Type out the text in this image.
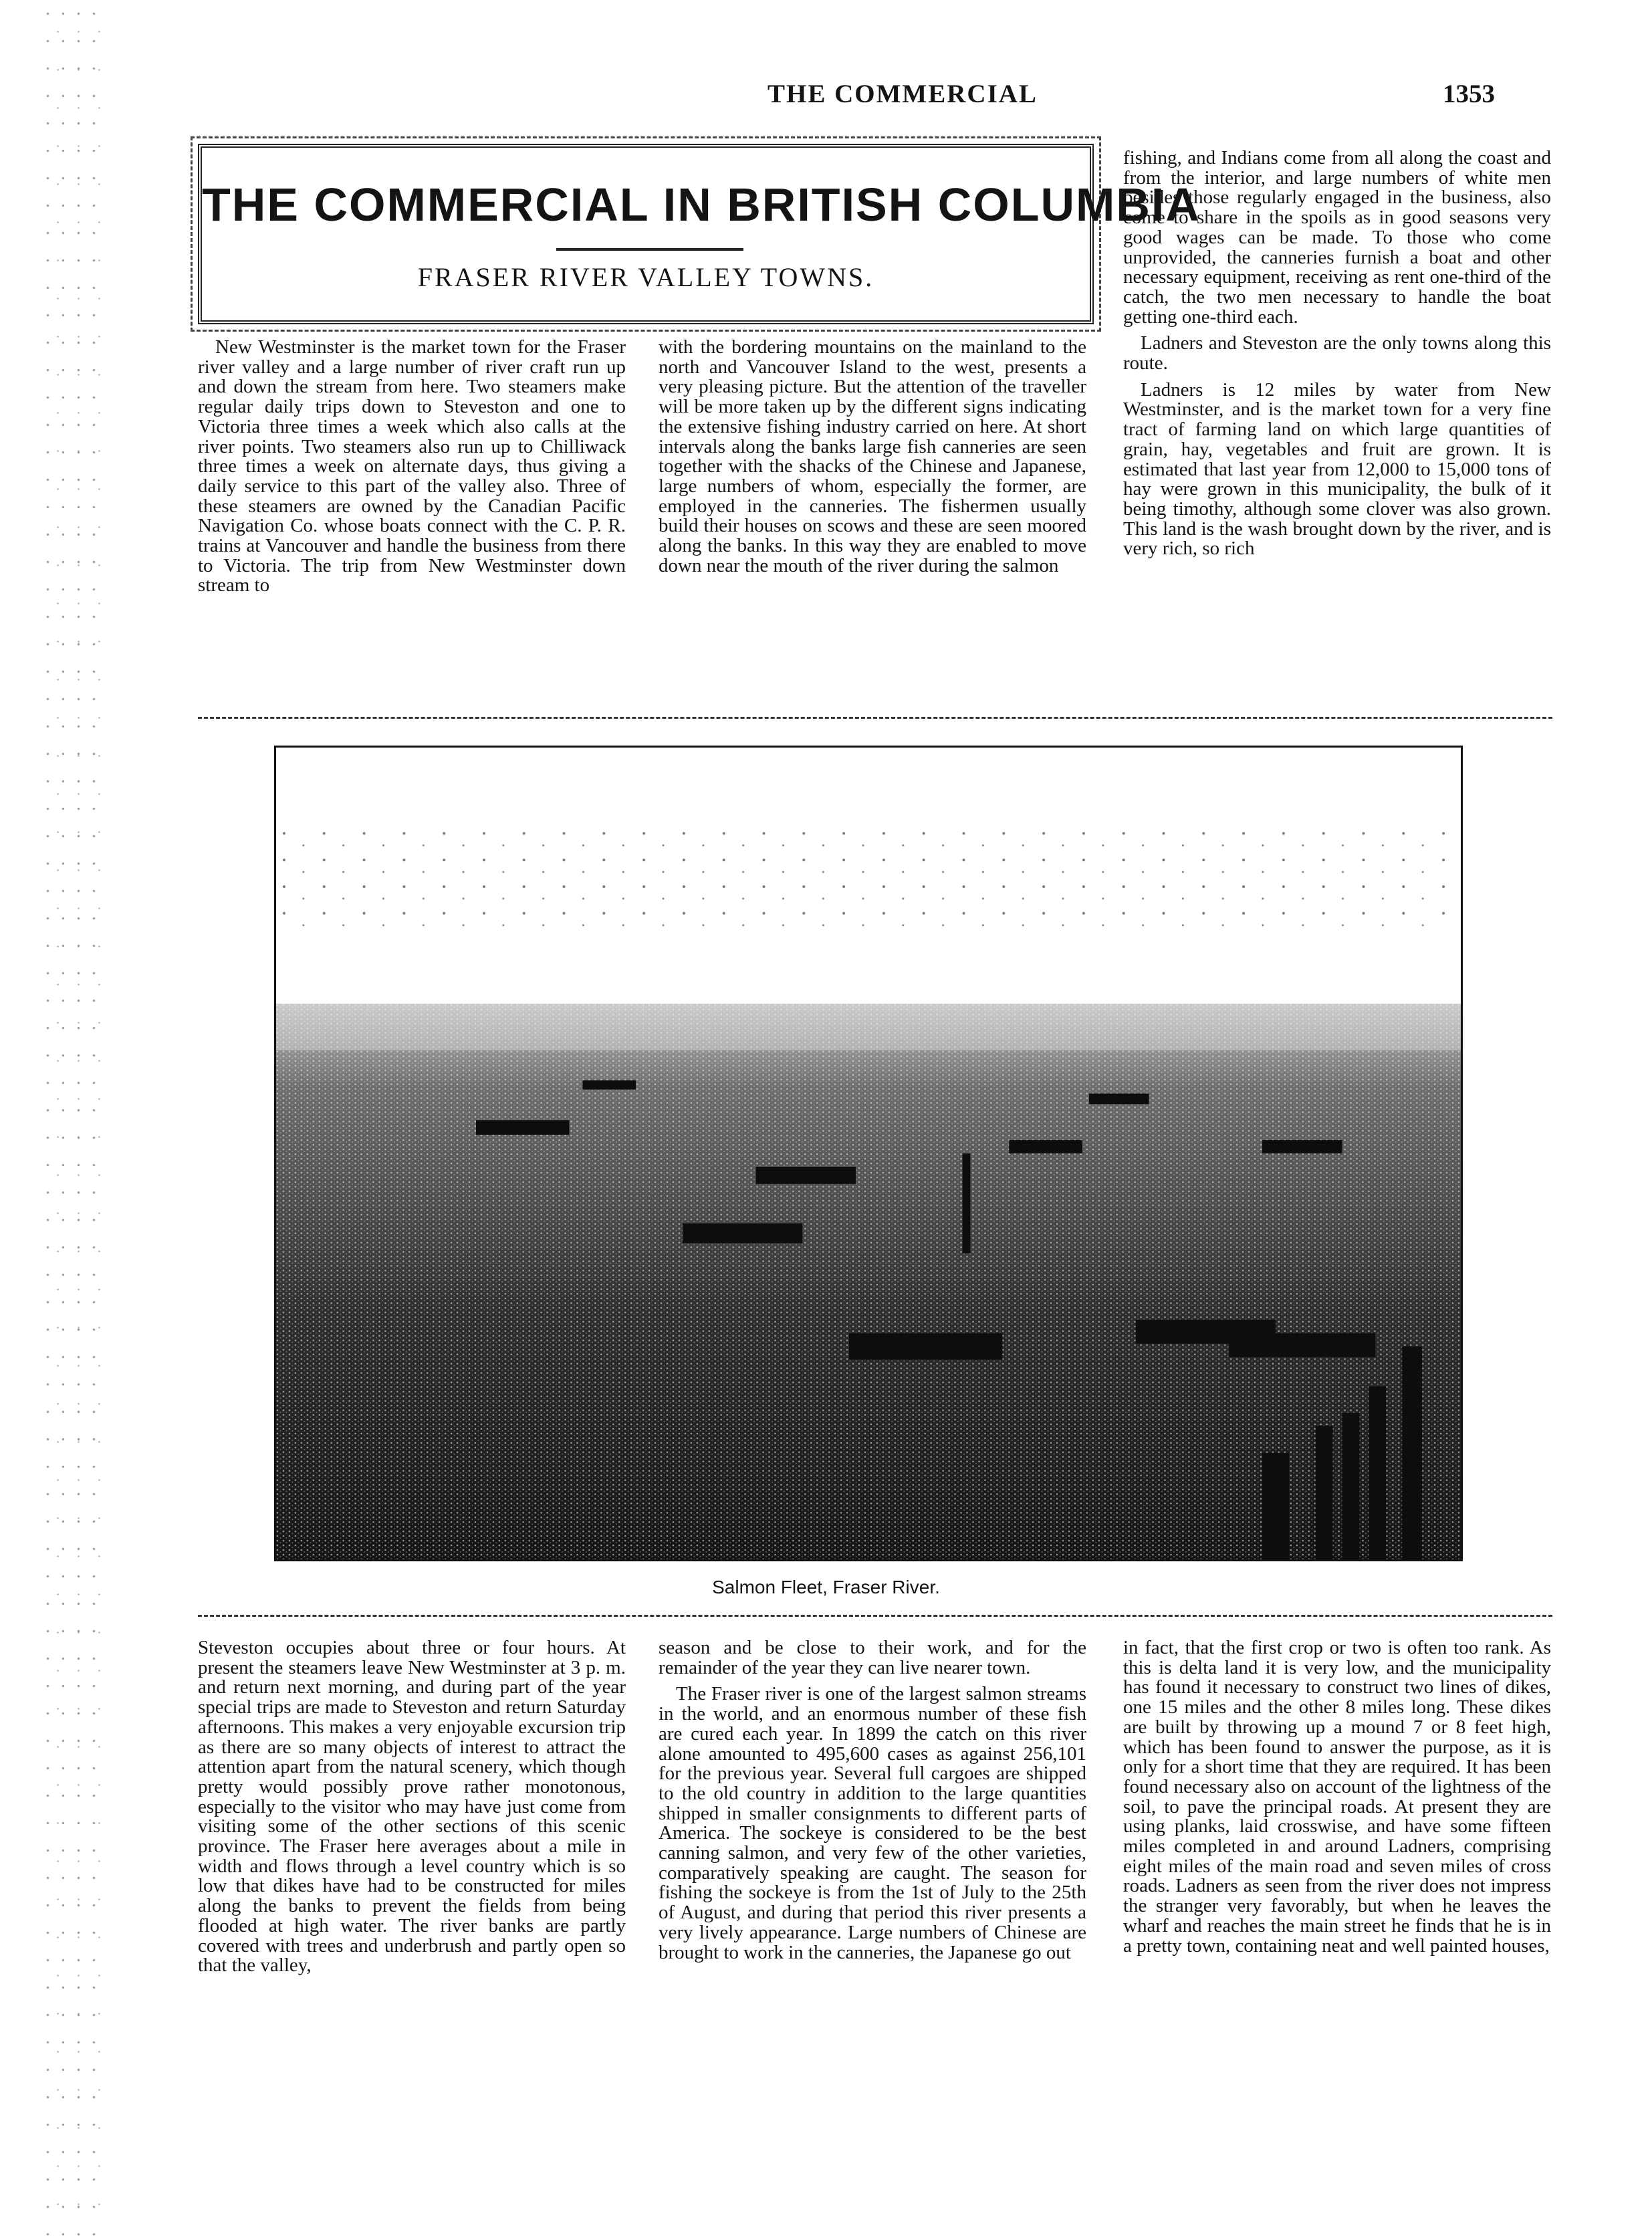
THE COMMERCIAL	1353
THE COMMERCIAL IN BRITISH COLUMBIA
FRASER RIVER VALLEY TOWNS.

New Westminster is the market town for the Fraser river valley and a large number of river craft run up and down the stream from here. Two steamers make regular daily trips down to Steveston and one to Victoria three times a week which also calls at the river points. Two steamers also run up to Chilliwack three times a week on alternate days, thus giving a daily service to this part of the valley also. Three of these steamers are owned by the Canadian Pacific Navigation Co. whose boats connect with the C. P. R. trains at Vancouver and handle the business from there to Victoria. The trip from New Westminster down stream to

with the bordering mountains on the mainland to the north and Vancouver Island to the west, presents a very pleasing picture. But the attention of the traveller will be more taken up by the different signs indicating the extensive fishing industry carried on here. At short intervals along the banks large fish canneries are seen together with the shacks of the Chinese and Japanese, large numbers of whom, especially the former, are employed in the canneries. The fishermen usually build their houses on scows and these are seen moored along the banks. In this way they are enabled to move down near the mouth of the river during the salmon

fishing, and Indians come from all along the coast and from the interior, and large numbers of white men besides those regularly engaged in the business, also come to share in the spoils as in good seasons very good wages can be made. To those who come unprovided, the canneries furnish a boat and other necessary equipment, receiving as rent one-third of the catch, the two men necessary to handle the boat getting one-third each.

Ladners and Steveston are the only towns along this route.

Ladners is 12 miles by water from New Westminster, and is the market town for a very fine tract of farming land on which large quantities of grain, hay, vegetables and fruit are grown. It is estimated that last year from 12,000 to 15,000 tons of hay were grown in this municipality, the bulk of it being timothy, although some clover was also grown. This land is the wash brought down by the river, and is very rich, so rich

Salmon Fleet, Fraser River.

Steveston occupies about three or four hours. At present the steamers leave New Westminster at 3 p. m. and return next morning, and during part of the year special trips are made to Steveston and return Saturday afternoons. This makes a very enjoyable excursion trip as there are so many objects of interest to attract the attention apart from the natural scenery, which though pretty would possibly prove rather monotonous, especially to the visitor who may have just come from visiting some of the other sections of this scenic province. The Fraser here averages about a mile in width and flows through a level country which is so low that dikes have had to be constructed for miles along the banks to prevent the fields from being flooded at high water. The river banks are partly covered with trees and underbrush and partly open so that the valley,

season and be close to their work, and for the remainder of the year they can live nearer town.

The Fraser river is one of the largest salmon streams in the world, and an enormous number of these fish are cured each year. In 1899 the catch on this river alone amounted to 495,600 cases as against 256,101 for the previous year. Several full cargoes are shipped to the old country in addition to the large quantities shipped in smaller consignments to different parts of America. The sockeye is considered to be the best canning salmon, and very few of the other varieties, comparatively speaking are caught. The season for fishing the sockeye is from the 1st of July to the 25th of August, and during that period this river presents a very lively appearance. Large numbers of Chinese are brought to work in the canneries, the Japanese go out

in fact, that the first crop or two is often too rank. As this is delta land it is very low, and the municipality has found it necessary to construct two lines of dikes, one 15 miles and the other 8 miles long. These dikes are built by throwing up a mound 7 or 8 feet high, which has been found to answer the purpose, as it is only for a short time that they are required. It has been found necessary also on account of the lightness of the soil, to pave the principal roads. At present they are using planks, laid crosswise, and have some fifteen miles completed in and around Ladners, comprising eight miles of the main road and seven miles of cross roads. Ladners as seen from the river does not impress the stranger very favorably, but when he leaves the wharf and reaches the main street he finds that he is in a pretty town, containing neat and well painted houses,
